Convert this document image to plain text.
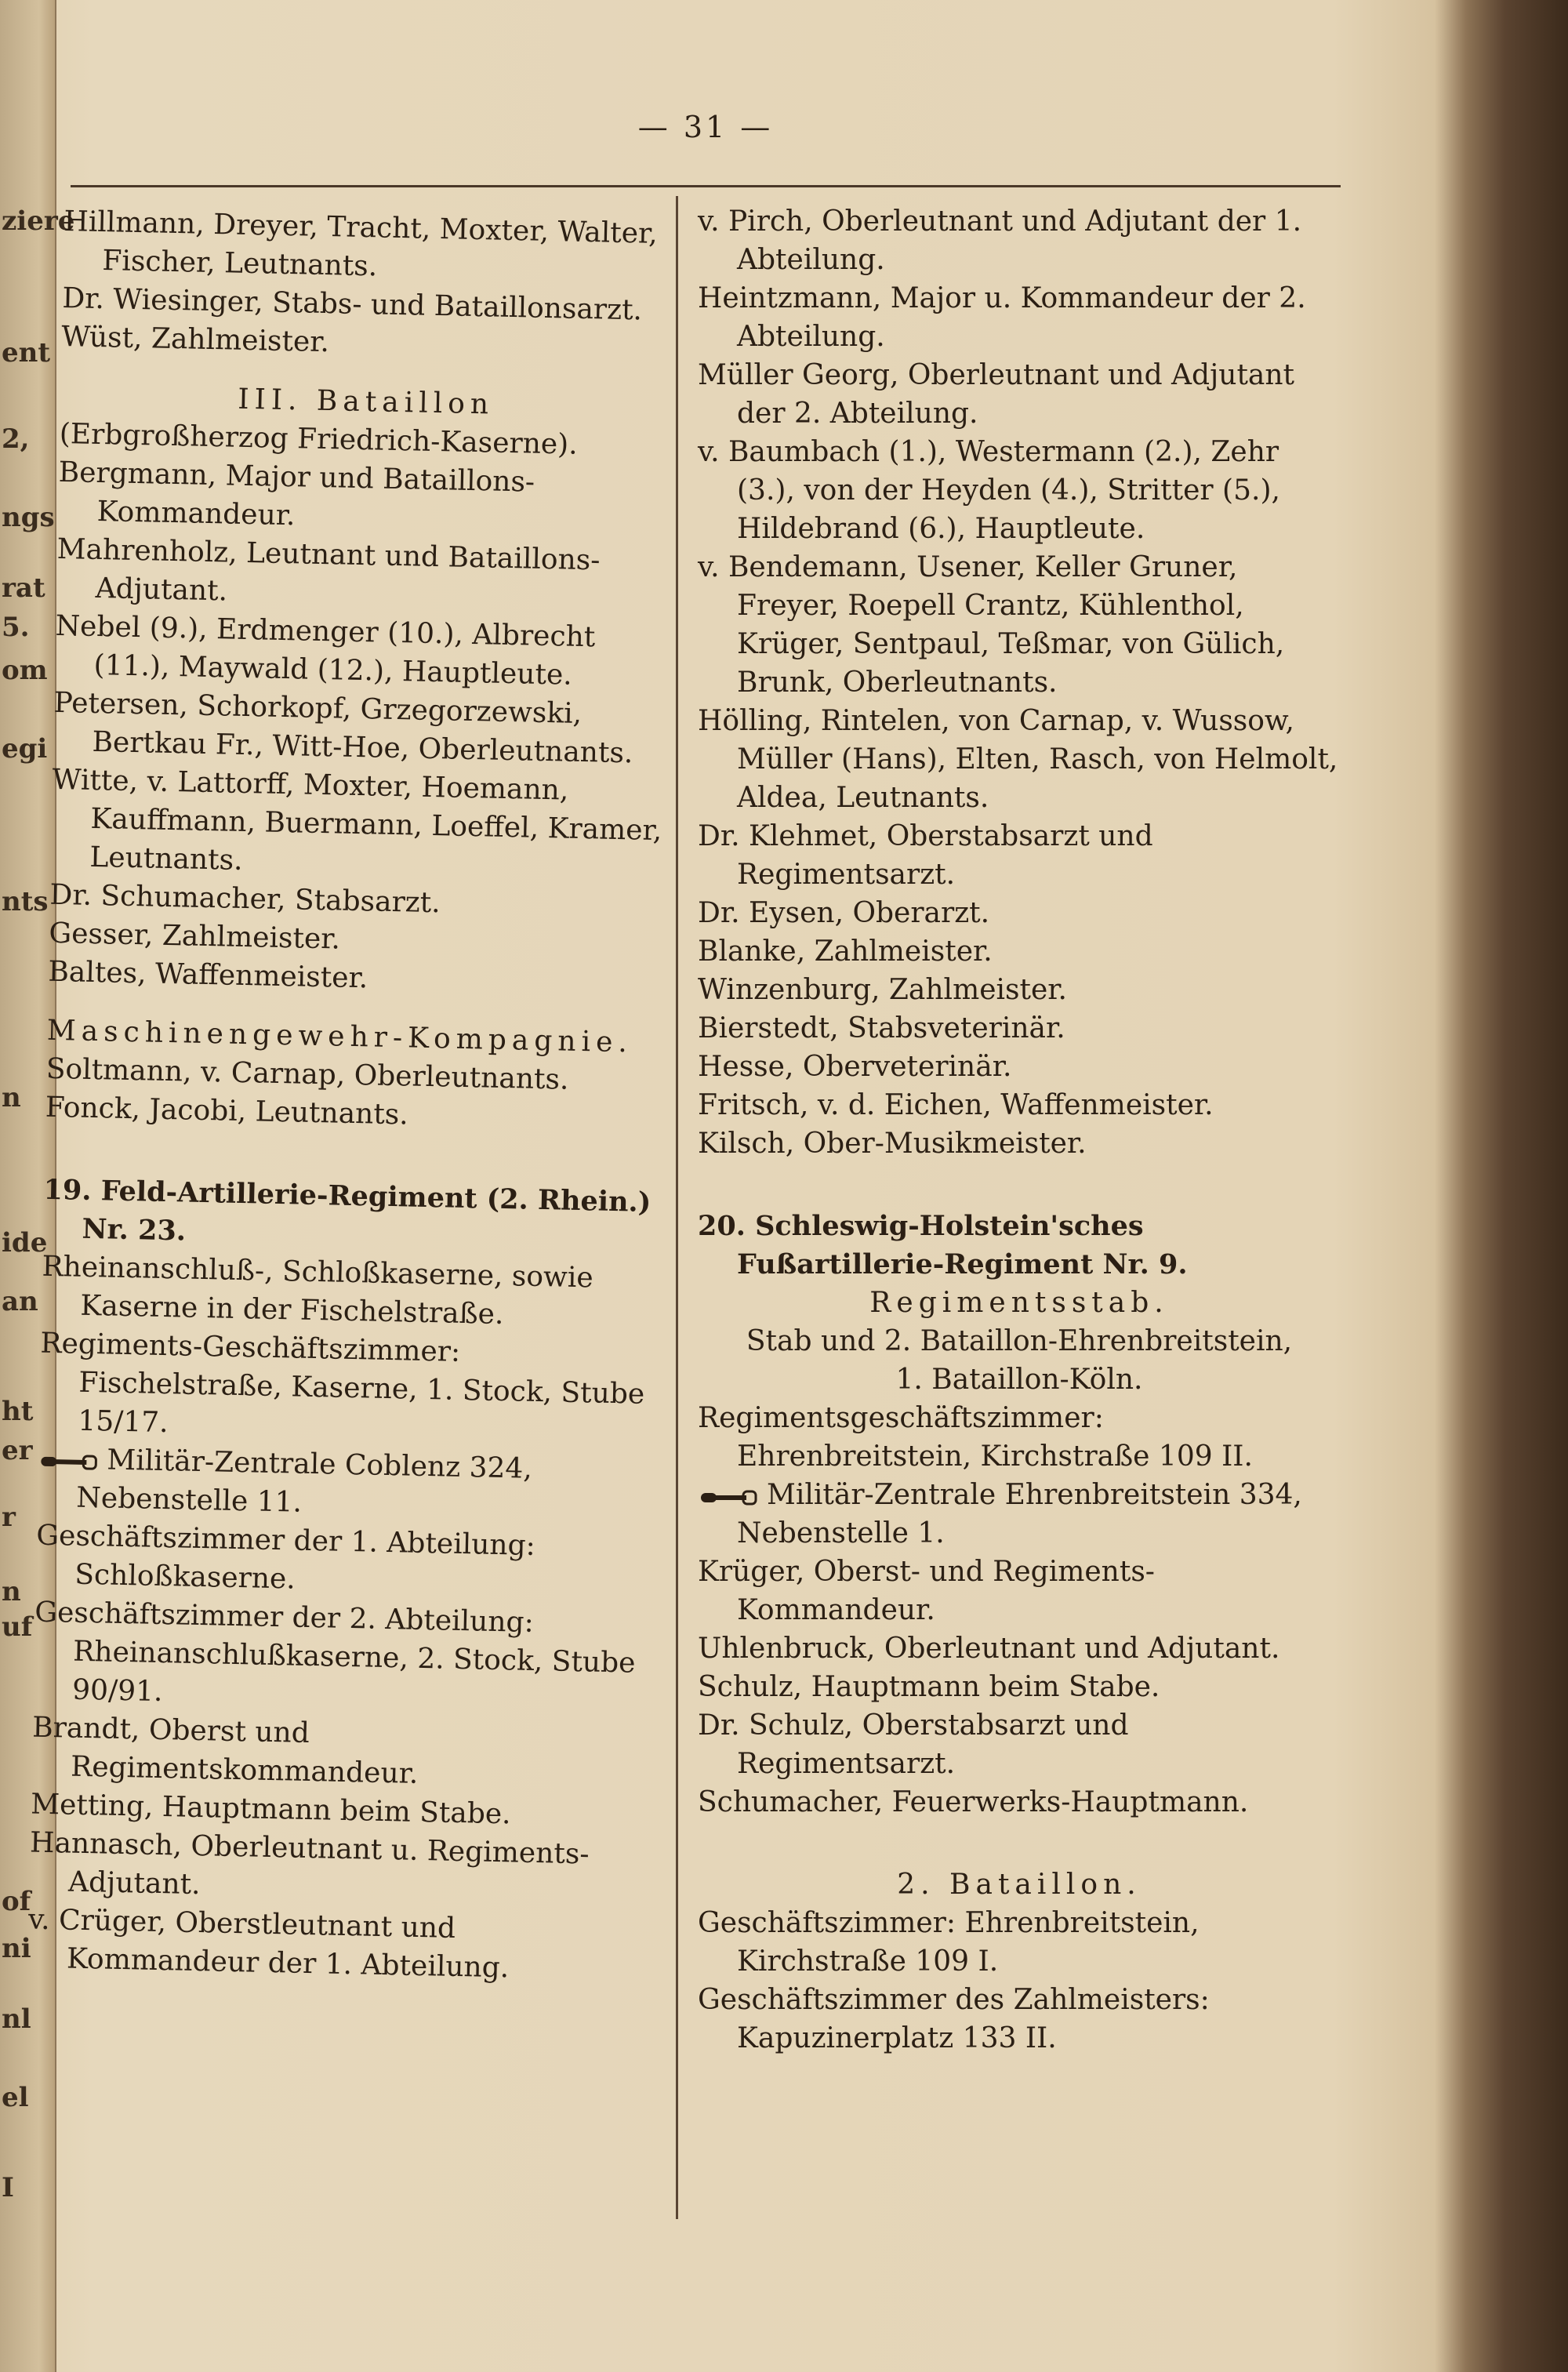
ziere
ent
2,
ngs
rat
5.
om
egi
nts
n
ide
an
ht
er
r
n
uf
of
ni
nl
el
I
— 31 —
Hillmann, Dreyer, Tracht, Moxter, Walter, Fischer, Leutnants.
Dr. Wiesinger, Stabs- und Bataillonsarzt.
Wüst, Zahlmeister.
III. Bataillon
(Erbgroßherzog Friedrich-Kaserne).
Bergmann, Major und Bataillons-Kommandeur.
Mahrenholz, Leutnant und Bataillons-Adjutant.
Nebel (9.), Erdmenger (10.), Albrecht (11.), Maywald (12.), Hauptleute.
Petersen, Schorkopf, Grzegorzewski, Bertkau Fr., Witt-Hoe, Oberleutnants.
Witte, v. Lattorff, Moxter, Hoemann, Kauffmann, Buermann, Loeffel, Kramer, Leutnants.
Dr. Schumacher, Stabsarzt.
Gesser, Zahlmeister.
Baltes, Waffenmeister.
Maschinengewehr-Kompagnie.
Soltmann, v. Carnap, Oberleutnants.
Fonck, Jacobi, Leutnants.
19. Feld-Artillerie-Regiment (2. Rhein.) Nr. 23.
Rheinanschluß-, Schloßkaserne, sowie Kaserne in der Fischelstraße.
Regiments-Geschäftszimmer: Fischelstraße, Kaserne, 1. Stock, Stube 15/17.
Militär-Zentrale Coblenz 324, Nebenstelle 11.
Geschäftszimmer der 1. Abteilung: Schloßkaserne.
Geschäftszimmer der 2. Abteilung: Rheinanschlußkaserne, 2. Stock, Stube 90/91.
Brandt, Oberst und Regimentskommandeur.
Metting, Hauptmann beim Stabe.
Hannasch, Oberleutnant u. Regiments-Adjutant.
v. Crüger, Oberstleutnant und Kommandeur der 1. Abteilung.
v. Pirch, Oberleutnant und Adjutant der 1. Abteilung.
Heintzmann, Major u. Kommandeur der 2. Abteilung.
Müller Georg, Oberleutnant und Adjutant der 2. Abteilung.
v. Baumbach (1.), Westermann (2.), Zehr (3.), von der Heyden (4.), Stritter (5.), Hildebrand (6.), Hauptleute.
v. Bendemann, Usener, Keller Gruner, Freyer, Roepell Crantz, Kühlenthol, Krüger, Sentpaul, Teßmar, von Gülich, Brunk, Oberleutnants.
Hölling, Rintelen, von Carnap, v. Wussow, Müller (Hans), Elten, Rasch, von Helmolt, Aldea, Leutnants.
Dr. Klehmet, Oberstabsarzt und Regimentsarzt.
Dr. Eysen, Oberarzt.
Blanke, Zahlmeister.
Winzenburg, Zahlmeister.
Bierstedt, Stabsveterinär.
Hesse, Oberveterinär.
Fritsch, v. d. Eichen, Waffenmeister.
Kilsch, Ober-Musikmeister.
20. Schleswig-Holstein'sches Fußartillerie-Regiment Nr. 9.
Regimentsstab.
Stab und 2. Bataillon-Ehrenbreitstein,
1. Bataillon-Köln.
Regimentsgeschäftszimmer: Ehrenbreitstein, Kirchstraße 109 II.
Militär-Zentrale Ehrenbreitstein 334, Nebenstelle 1.
Krüger, Oberst- und Regiments-Kommandeur.
Uhlenbruck, Oberleutnant und Adjutant.
Schulz, Hauptmann beim Stabe.
Dr. Schulz, Oberstabsarzt und Regimentsarzt.
Schumacher, Feuerwerks-Hauptmann.
2. Bataillon.
Geschäftszimmer: Ehrenbreitstein, Kirchstraße 109 I.
Geschäftszimmer des Zahlmeisters: Kapuzinerplatz 133 II.
